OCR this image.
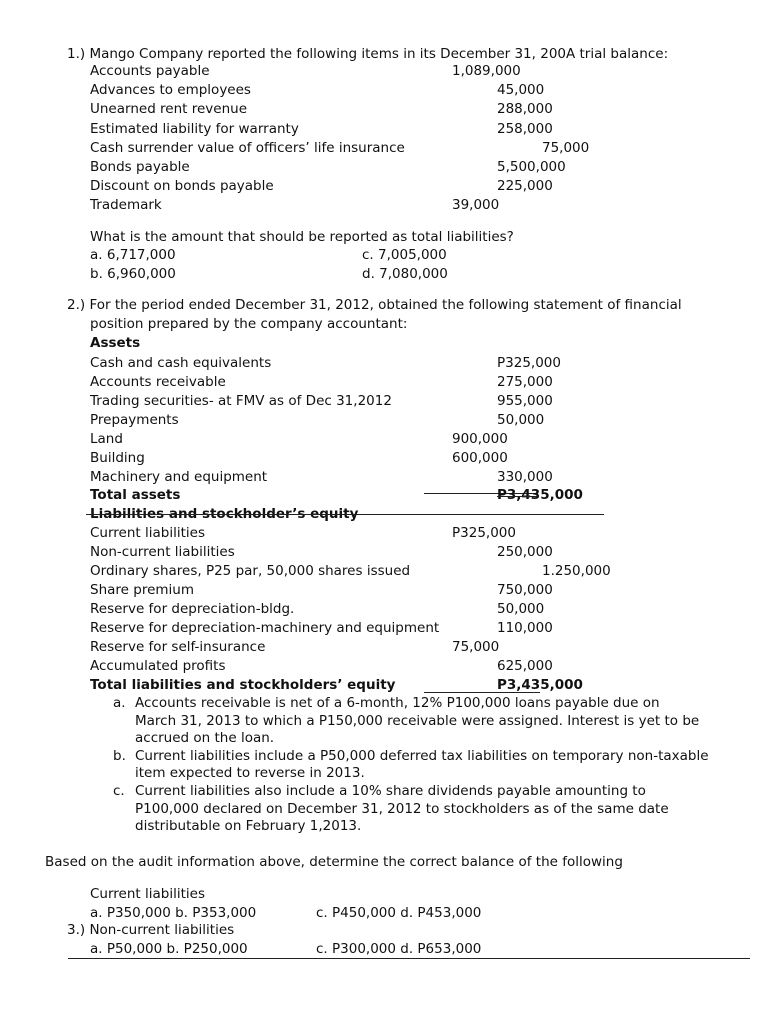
1.) Mango Company reported the following items in its December 31, 200A trial balance:
Accounts payable	1,089,000
Advances to employees	45,000
Unearned rent revenue	288,000
Estimated liability for warranty	258,000
Cash surrender value of officers’ life insurance	75,000
Bonds payable	5,500,000
Discount on bonds payable	225,000
Trademark	39,000
What is the amount that should be reported as total liabilities?
a. 6,717,000	c. 7,005,000
b. 6,960,000	d. 7,080,000
2.) For the period ended December 31, 2012, obtained the following statement of financial
position prepared by the company accountant:
Assets
Cash and cash equivalents	P325,000
Accounts receivable	275,000
Trading securities- at FMV as of Dec 31,2012	955,000
Prepayments	50,000
Land	900,000
Building	600,000
Machinery and equipment	330,000
Total assets	P3,435,000
Liabilities and stockholder’s equity
Current liabilities	P325,000
Non-current liabilities	250,000
Ordinary shares, P25 par, 50,000 shares issued	1.250,000
Share premium	750,000
Reserve for depreciation-bldg.	50,000
Reserve for depreciation-machinery and equipment	110,000
Reserve for self-insurance	75,000
Accumulated profits	625,000
Total liabilities and stockholders’ equity	P3,435,000
a. Accounts receivable is net of a 6-month, 12% P100,000 loans payable due on
March 31, 2013 to which a P150,000 receivable were assigned. Interest is yet to be
accrued on the loan.
b. Current liabilities include a P50,000 deferred tax liabilities on temporary non-taxable
item expected to reverse in 2013.
c. Current liabilities also include a 10% share dividends payable amounting to
P100,000 declared on December 31, 2012 to stockholders as of the same date
distributable on February 1,2013.
Based on the audit information above, determine the correct balance of the following
Current liabilities
a. P350,000 b. P353,000	c. P450,000 d. P453,000
3.) Non-current liabilities
a. P50,000 b. P250,000	c. P300,000 d. P653,000
